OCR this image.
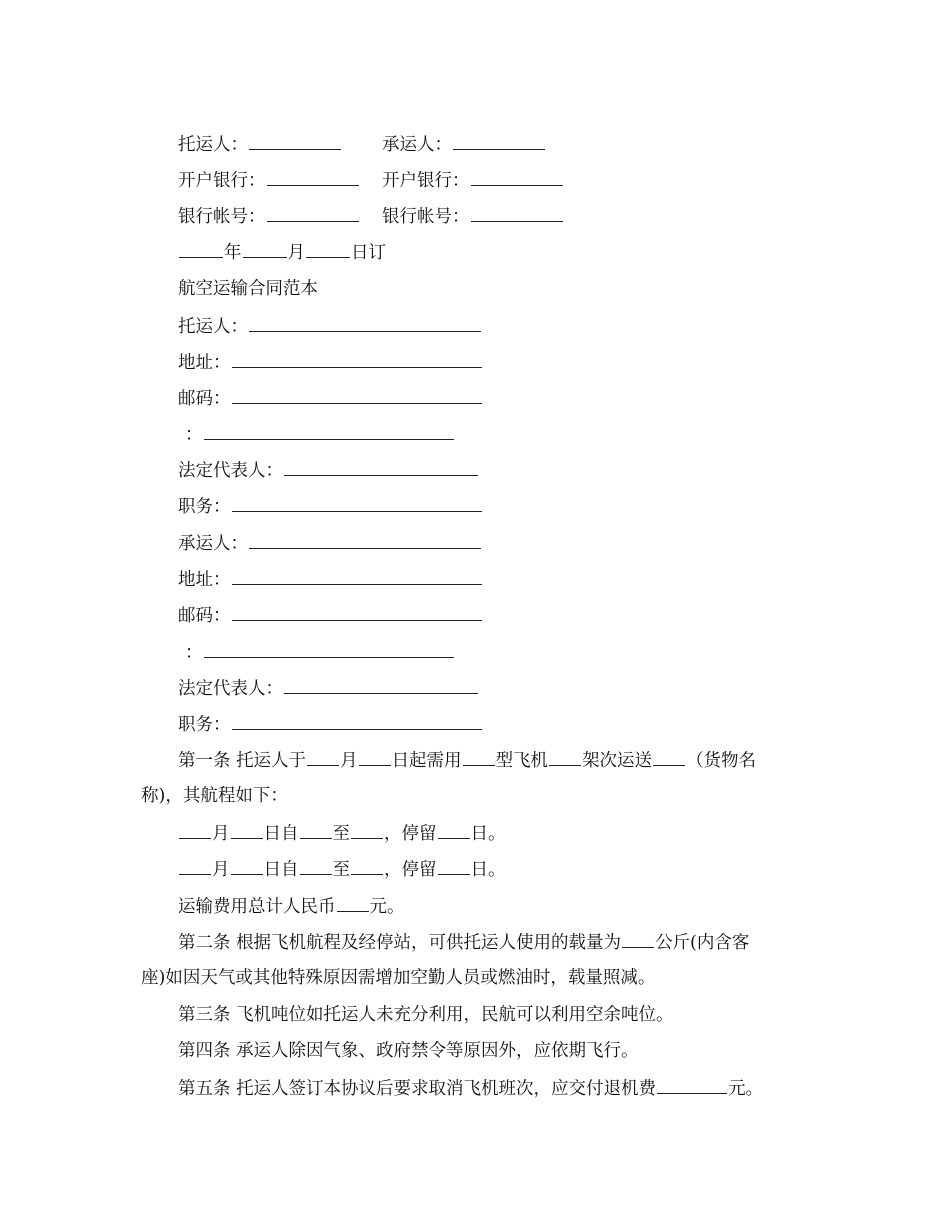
托运人：	承运人：
开户银行：	开户银行：
银行帐号：	银行帐号：
年	月	日订
航空运输合同范本
托运人：
地址：
邮码：
：
法定代表人：
职务：
承运人：
地址：
邮码：
：
法定代表人：
职务：
第一条 托运人于 月 日起需用 型飞机 架次运送 （货物名
称)，其航程如下：
月 日自 至 ，停留 日。
月 日自 至 ，停留 日。
运输费用总计人民币 元。
第二条 根据飞机航程及经停站，可供托运人使用的载量为 公斤(内含客
座)如因天气或其他特殊原因需增加空勤人员或燃油时，载量照减。
第三条 飞机吨位如托运人未充分利用，民航可以利用空余吨位。
第四条 承运人除因气象、政府禁令等原因外，应依期飞行。
第五条 托运人签订本协议后要求取消飞机班次，应交付退机费	元。
